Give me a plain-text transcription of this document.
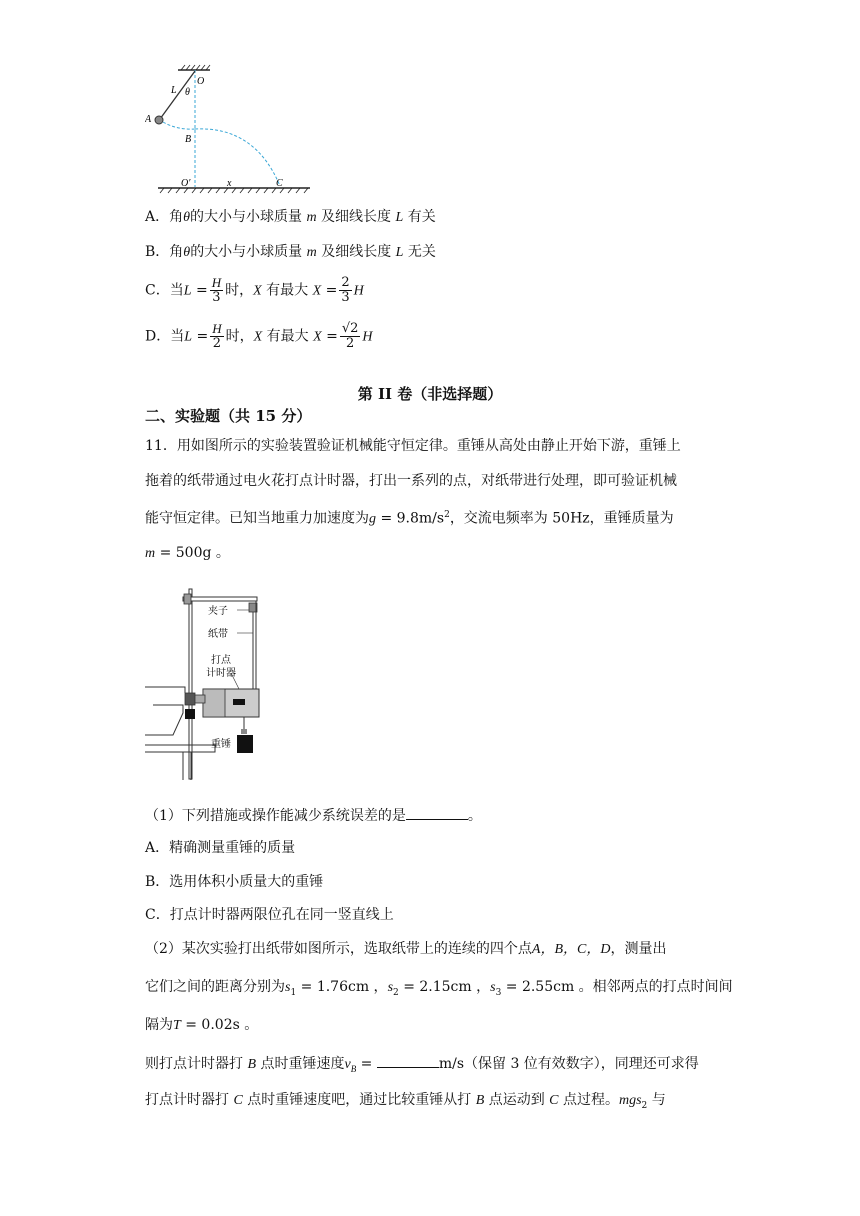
O
L θ
A
B
O′	x	C
A．角θ的大小与小球质量 m 及细线长度 L 有关
B．角θ的大小与小球质量 m 及细线长度 L 无关
C．当$L = \frac{H}{3}$ 时，X 有最大 $X = \frac{2}{3}$ H
D．当$L = \frac{H}{2}$ 时，X 有最大 $X = \frac{√2}{2}$ H
第 II 卷（非选择题）
二、实验题（共 15 分）
11．用如图所示的实验装置验证机械能守恒定律。重锤从高处由静止开始下游，重锤上
拖着的纸带通过电火花打点计时器，打出一系列的点，对纸带进行处理，即可验证机械
能守恒定律。已知当地重力加速度为$g = 9.8m/s^2$，交流电频率为 50Hz，重锤质量为
m = 500g 。
夹子
纸带
打点
计时器
重锤
（1）下列措施或操作能减少系统误差的是	。
A．精确测量重锤的质量
B．选用体积小质量大的重锤
C．打点计时器两限位孔在同一竖直线上
（2）某次实验打出纸带如图所示，选取纸带上的连续的四个点A，B，C，D，测量出
它们之间的距离分别为$s_1 = 1.76cm$ ，$s_2 = 2.15cm$ ，$s_3 = 2.55cm$ 。相邻两点的打点时间间
隔为T = 0.02s 。
则打点计时器打 B 点时重锤速度$v_B$ =	m/s（保留 3 位有效数字），同理还可求得
打点计时器打 C 点时重锤速度吧，通过比较重锤从打 B 点运动到 C 点过程。mgs$_2$ 与
